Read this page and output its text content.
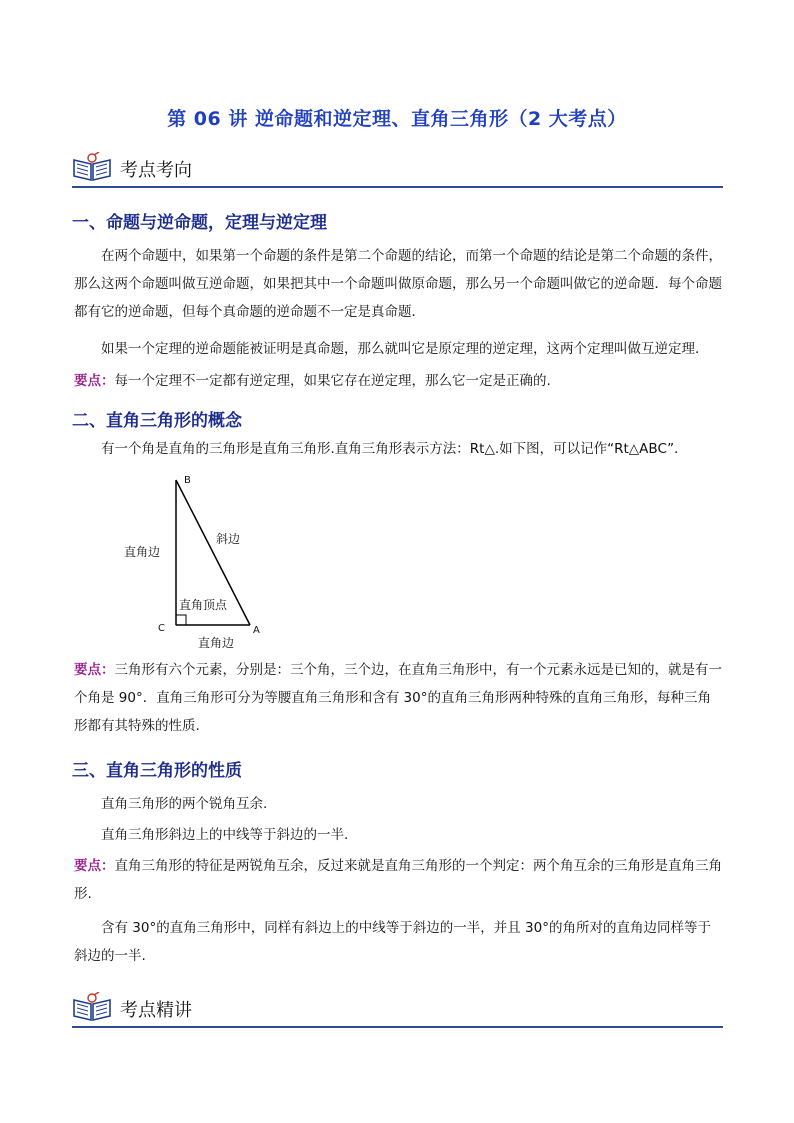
第 06 讲 逆命题和逆定理、直角三角形（2 大考点）
考点考向
一、命题与逆命题，定理与逆定理
在两个命题中，如果第一个命题的条件是第二个命题的结论，而第一个命题的结论是第二个命题的条件，那么这两个命题叫做互逆命题，如果把其中一个命题叫做原命题，那么另一个命题叫做它的逆命题．每个命题都有它的逆命题，但每个真命题的逆命题不一定是真命题．
如果一个定理的逆命题能被证明是真命题，那么就叫它是原定理的逆定理，这两个定理叫做互逆定理．
要点：每一个定理不一定都有逆定理，如果它存在逆定理，那么它一定是正确的.
二、直角三角形的概念
有一个角是直角的三角形是直角三角形.直角三角形表示方法：Rt△.如下图，可以记作“Rt△ABC”．
B
C	A
直角边
斜边
直角顶点
直角边
要点：三角形有六个元素，分别是：三个角，三个边，在直角三角形中，有一个元素永远是已知的，就是有一个角是 90°．直角三角形可分为等腰直角三角形和含有 30°的直角三角形两种特殊的直角三角形，每种三角形都有其特殊的性质.
三、直角三角形的性质
直角三角形的两个锐角互余.
直角三角形斜边上的中线等于斜边的一半.
要点：直角三角形的特征是两锐角互余，反过来就是直角三角形的一个判定：两个角互余的三角形是直角三角形.
含有 30°的直角三角形中，同样有斜边上的中线等于斜边的一半，并且 30°的角所对的直角边同样等于斜边的一半.
考点精讲
